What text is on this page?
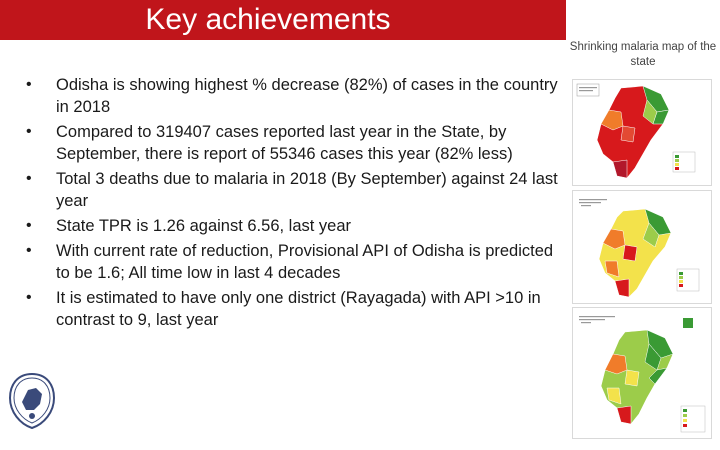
Key achievements
• Odisha is showing highest % decrease (82%) of cases in the country in 2018
• Compared to 319407 cases reported last year in the State, by September, there is report of 55346 cases this year (82% less)
• Total 3 deaths due to malaria in 2018 (By September) against 24 last year
• State TPR is 1.26 against 6.56, last year
• With current rate of reduction, Provisional API of Odisha is predicted to be 1.6; All time low in last 4 decades
• It is estimated to have only one district (Rayagada) with API >10 in contrast to 9, last year
Shrinking malaria map of the state
